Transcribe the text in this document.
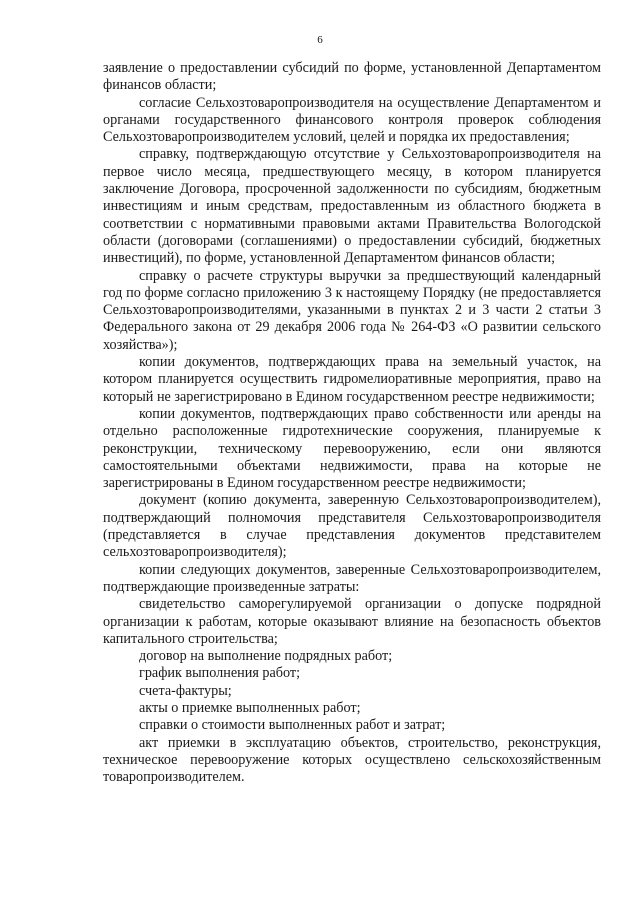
6

заявление о предоставлении субсидий по форме, установленной Департаментом финансов области;

согласие Сельхозтоваропроизводителя на осуществление Департаментом и органами государственного финансового контроля проверок соблюдения Сельхозтоваропроизводителем условий, целей и порядка их предоставления;

справку, подтверждающую отсутствие у Сельхозтоваропроизводителя на первое число месяца, предшествующего месяцу, в котором планируется заключение Договора, просроченной задолженности по субсидиям, бюджетным инвестициям и иным средствам, предоставленным из областного бюджета в соответствии с нормативными правовыми актами Правительства Вологодской области (договорами (соглашениями) о предоставлении субсидий, бюджетных инвестиций), по форме, установленной Департаментом финансов области;

справку о расчете структуры выручки за предшествующий календарный год по форме согласно приложению 3 к настоящему Порядку (не предоставляется Сельхозтоваропроизводителями, указанными в пунктах 2 и 3 части 2 статьи 3 Федерального закона от 29 декабря 2006 года № 264-ФЗ «О развитии сельского хозяйства»);

копии документов, подтверждающих права на земельный участок, на котором планируется осуществить гидромелиоративные мероприятия, право на который не зарегистрировано в Едином государственном реестре недвижимости;

копии документов, подтверждающих право собственности или аренды на отдельно расположенные гидротехнические сооружения, планируемые к реконструкции, техническому перевооружению, если они являются самостоятельными объектами недвижимости, права на которые не зарегистрированы в Едином государственном реестре недвижимости;

документ (копию документа, заверенную Сельхозтоваропроизводителем), подтверждающий полномочия представителя Сельхозтоваропроизводителя (представляется в случае представления документов представителем сельхозтоваропроизводителя);

копии следующих документов, заверенные Сельхозтоваропроизводителем, подтверждающие произведенные затраты:

свидетельство саморегулируемой организации о допуске подрядной организации к работам, которые оказывают влияние на безопасность объектов капитального строительства;

договор на выполнение подрядных работ;

график выполнения работ;

счета-фактуры;

акты о приемке выполненных работ;

справки о стоимости выполненных работ и затрат;

акт приемки в эксплуатацию объектов, строительство, реконструкция, техническое перевооружение которых осуществлено сельскохозяйственным товаропроизводителем.
